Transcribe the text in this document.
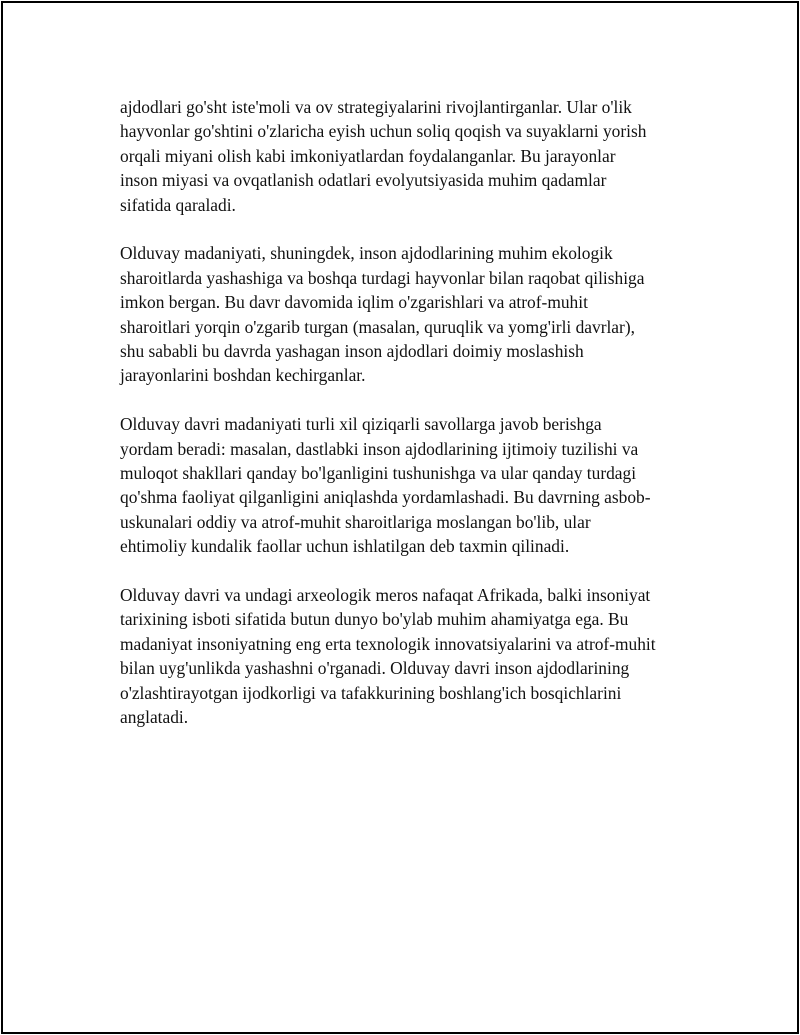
ajdodlari go'sht iste'moli va ov strategiyalarini rivojlantirganlar. Ular o'lik
hayvonlar go'shtini o'zlaricha eyish uchun soliq qoqish va suyaklarni yorish
orqali miyani olish kabi imkoniyatlardan foydalanganlar. Bu jarayonlar
inson miyasi va ovqatlanish odatlari evolyutsiyasida muhim qadamlar
sifatida qaraladi.

Olduvay madaniyati, shuningdek, inson ajdodlarining muhim ekologik
sharoitlarda yashashiga va boshqa turdagi hayvonlar bilan raqobat qilishiga
imkon bergan. Bu davr davomida iqlim o'zgarishlari va atrof-muhit
sharoitlari yorqin o'zgarib turgan (masalan, quruqlik va yomg'irli davrlar),
shu sababli bu davrda yashagan inson ajdodlari doimiy moslashish
jarayonlarini boshdan kechirganlar.

Olduvay davri madaniyati turli xil qiziqarli savollarga javob berishga
yordam beradi: masalan, dastlabki inson ajdodlarining ijtimoiy tuzilishi va
muloqot shakllari qanday bo'lganligini tushunishga va ular qanday turdagi
qo'shma faoliyat qilganligini aniqlashda yordamlashadi. Bu davrning asbob-
uskunalari oddiy va atrof-muhit sharoitlariga moslangan bo'lib, ular
ehtimoliy kundalik faollar uchun ishlatilgan deb taxmin qilinadi.

Olduvay davri va undagi arxeologik meros nafaqat Afrikada, balki insoniyat
tarixining isboti sifatida butun dunyo bo'ylab muhim ahamiyatga ega. Bu
madaniyat insoniyatning eng erta texnologik innovatsiyalarini va atrof-muhit
bilan uyg'unlikda yashashni o'rganadi. Olduvay davri inson ajdodlarining
o'zlashtirayotgan ijodkorligi va tafakkurining boshlang'ich bosqichlarini
anglatadi.
